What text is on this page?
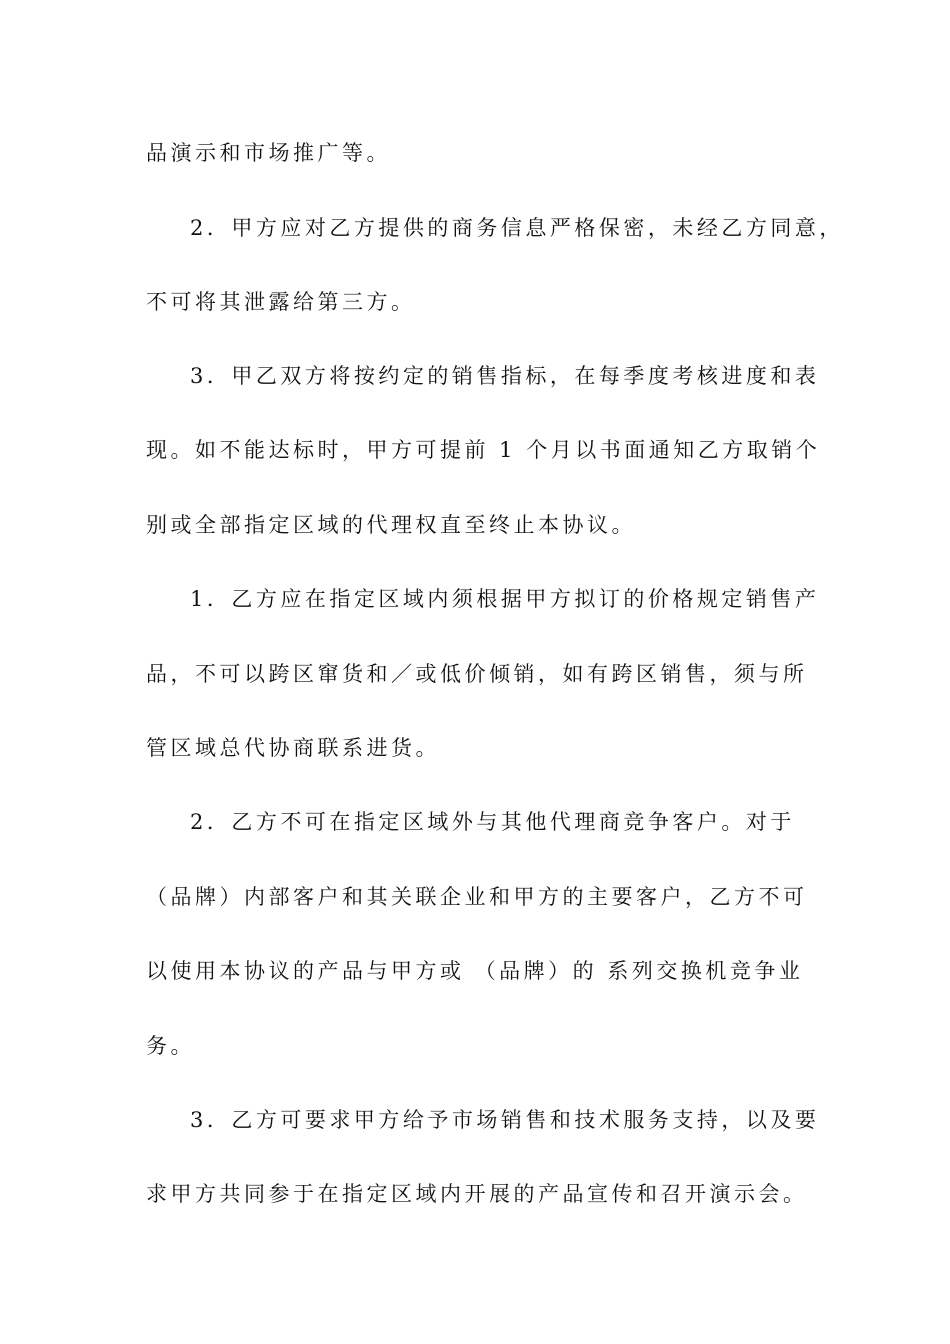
品演示和市场推广等。
2．甲方应对乙方提供的商务信息严格保密，未经乙方同意，
不可将其泄露给第三方。
3．甲乙双方将按约定的销售指标，在每季度考核进度和表
现。如不能达标时，甲方可提前 1 个月以书面通知乙方取销个
别或全部指定区域的代理权直至终止本协议。
1．乙方应在指定区域内须根据甲方拟订的价格规定销售产
品，不可以跨区窜货和／或低价倾销，如有跨区销售，须与所
管区域总代协商联系进货。
2．乙方不可在指定区域外与其他代理商竞争客户。对于
（品牌）内部客户和其关联企业和甲方的主要客户，乙方不可
以使用本协议的产品与甲方或 （品牌）的 系列交换机竞争业
务。
3．乙方可要求甲方给予市场销售和技术服务支持，以及要
求甲方共同参于在指定区域内开展的产品宣传和召开演示会。
